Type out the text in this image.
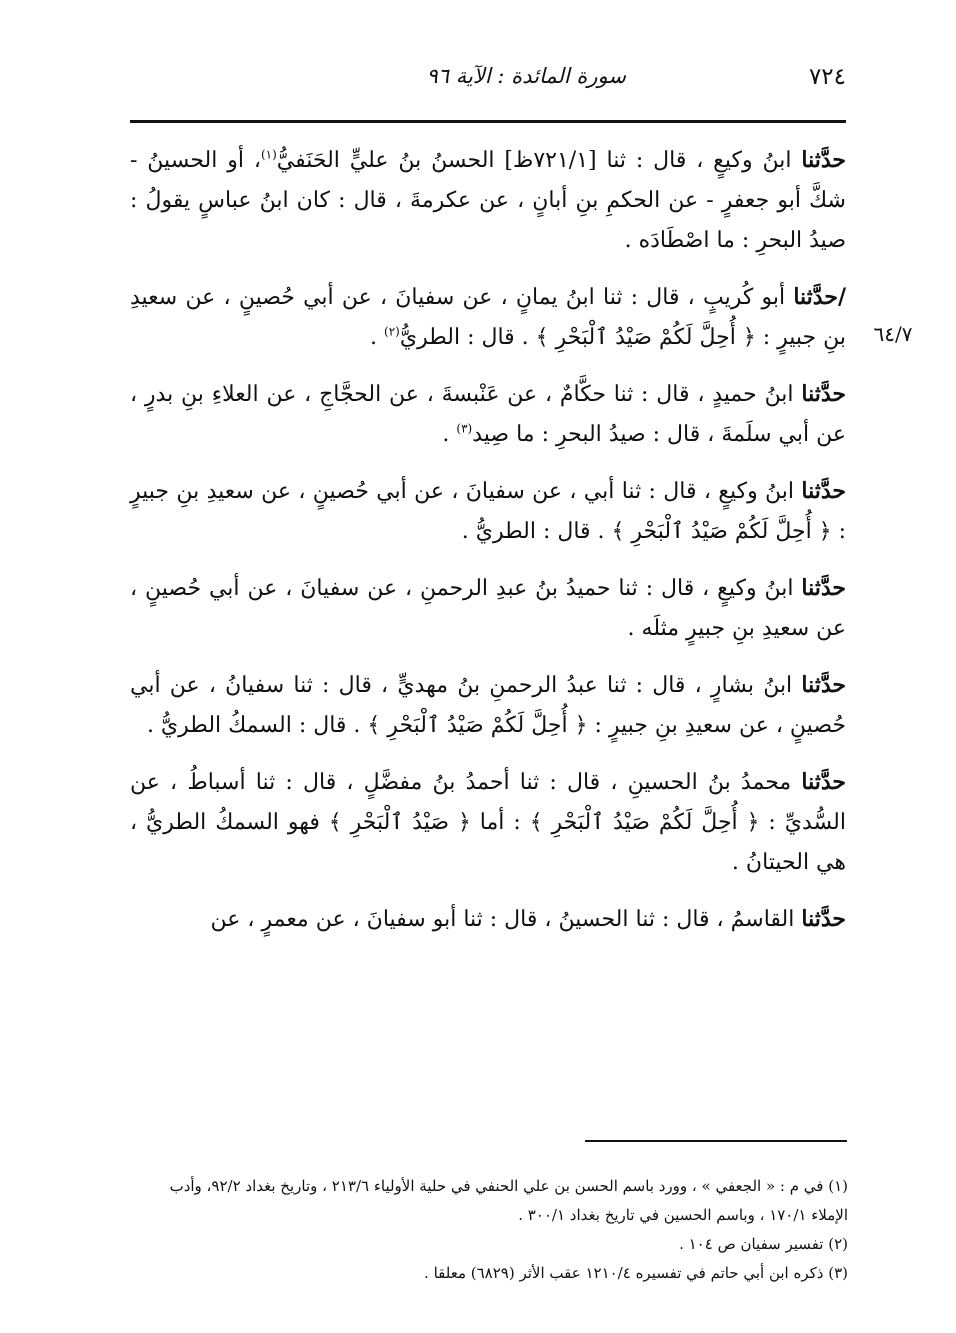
٧٢٤
سورة المائدة : الآية ٩٦
٦٤/٧

حدَّثنا ابنُ وكيعٍ ، قال : ثنا [٧٢١/١ظ] الحسنُ بنُ عليٍّ الحَنَفيُّ$^{(١)}$، أو الحسينُ - شكَّ أبو جعفرٍ - عن الحكمِ بنِ أبانٍ ، عن عكرمةَ ، قال : كان ابنُ عباسٍ يقولُ : صيدُ البحرِ : ما اصْطَادَه .

/حدَّثنا أبو كُريبٍ ، قال : ثنا ابنُ يمانٍ ، عن سفيانَ ، عن أبي حُصينٍ ، عن سعيدِ بنِ جبيرٍ : ﴿ أُحِلَّ لَكُمْ صَيْدُ ٱلْبَحْرِ ﴾ . قال : الطريُّ$^{(٢)}$ .

حدَّثنا ابنُ حميدٍ ، قال : ثنا حكَّامٌ ، عن عَنْبسةَ ، عن الحجَّاجِ ، عن العلاءِ بنِ بدرٍ ، عن أبي سلَمةَ ، قال : صيدُ البحرِ : ما صِيد$^{(٣)}$ .

حدَّثنا ابنُ وكيعٍ ، قال : ثنا أبي ، عن سفيانَ ، عن أبي حُصينٍ ، عن سعيدِ بنِ جبيرٍ : ﴿ أُحِلَّ لَكُمْ صَيْدُ ٱلْبَحْرِ ﴾ . قال : الطريُّ .

حدَّثنا ابنُ وكيعٍ ، قال : ثنا حميدُ بنُ عبدِ الرحمنِ ، عن سفيانَ ، عن أبي حُصينٍ ، عن سعيدِ بنِ جبيرٍ مثلَه .

حدَّثنا ابنُ بشارٍ ، قال : ثنا عبدُ الرحمنِ بنُ مهديٍّ ، قال : ثنا سفيانُ ، عن أبي حُصينٍ ، عن سعيدِ بنِ جبيرٍ : ﴿ أُحِلَّ لَكُمْ صَيْدُ ٱلْبَحْرِ ﴾ . قال : السمكُ الطريُّ .

حدَّثنا محمدُ بنُ الحسينِ ، قال : ثنا أحمدُ بنُ مفضَّلٍ ، قال : ثنا أسباطُ ، عن السُّديِّ : ﴿ أُحِلَّ لَكُمْ صَيْدُ ٱلْبَحْرِ ﴾ : أما ﴿ صَيْدُ ٱلْبَحْرِ ﴾ فهو السمكُ الطريُّ ، هي الحيتانُ .

حدَّثنا القاسمُ ، قال : ثنا الحسينُ ، قال : ثنا أبو سفيانَ ، عن معمرٍ ، عن

(١) في م : « الجعفي » ، وورد باسم الحسن بن علي الحنفي في حلية الأولياء ٢١٣/٦ ، وتاريخ بغداد ٩٢/٢، وأدب الإملاء ١٧٠/١ ، وباسم الحسين في تاريخ بغداد ٣٠٠/١ .

(٢) تفسير سفيان ص ١٠٤ .

(٣) ذكره ابن أبي حاتم في تفسيره ١٢١٠/٤ عقب الأثر (٦٨٢٩) معلقا .
